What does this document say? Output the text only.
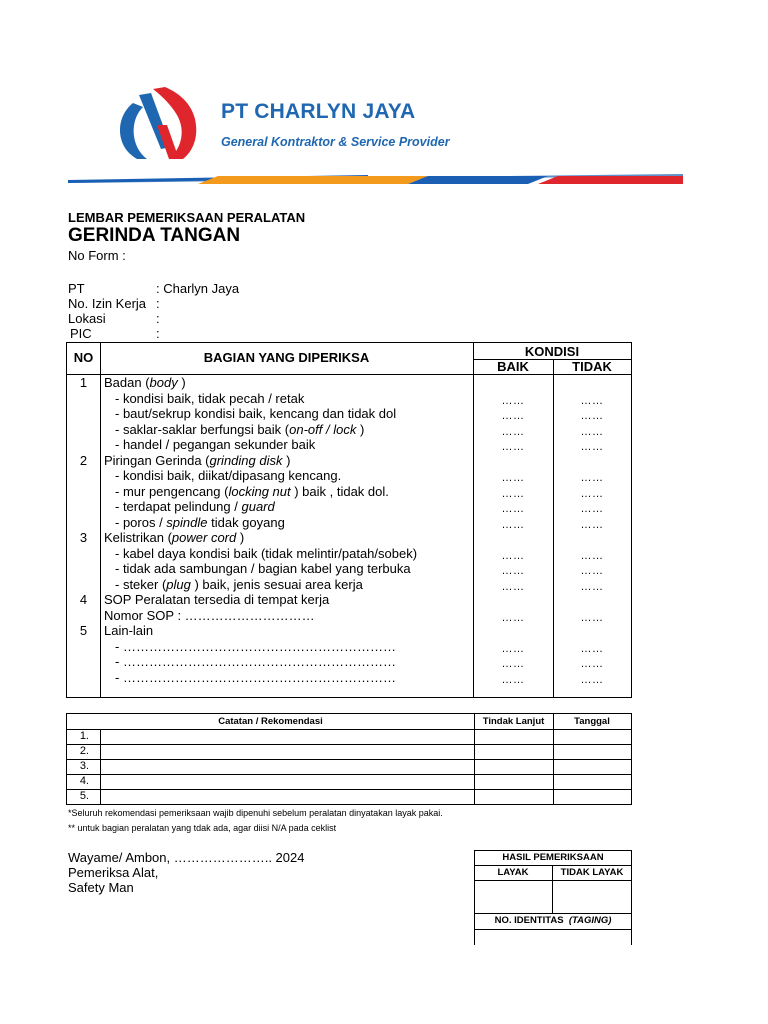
PT CHARLYN JAYA
General Kontraktor & Service Provider
LEMBAR PEMERIKSAAN PERALATAN
GERINDA TANGAN
No Form :
PT	: Charlyn Jaya
No. Izin Kerja :
Lokasi	:
PIC	:
NO	BAGIAN YANG DIPERIKSA	KONDISI
BAIK	TIDAK
1	Badan (body )
- kondisi baik, tidak pecah / retak	……	……
- baut/sekrup kondisi baik, kencang dan tidak dol	……	……
- saklar-saklar berfungsi baik (on-off / lock )	……	……
- handel / pegangan sekunder baik	……	……
2	Piringan Gerinda (grinding disk )
- kondisi baik, diikat/dipasang kencang.	……	……
- mur pengencang (locking nut ) baik , tidak dol.	……	……
- terdapat pelindung / guard	……	……
- poros / spindle tidak goyang	……	……
3	Kelistrikan (power cord )
- kabel daya kondisi baik (tidak melintir/patah/sobek)	……	……
- tidak ada sambungan / bagian kabel yang terbuka	……	……
- steker (plug ) baik, jenis sesuai area kerja	……	……
4	SOP Peralatan tersedia di tempat kerja
Nomor SOP : …………………………	……	……
5	Lain-lain
- ………………………………………………………	……	……
- ………………………………………………………	……	……
- ………………………………………………………	……	……
Catatan / Rekomendasi	Tindak Lanjut	Tanggal
1.
2.
3.
4.
5.
*Seluruh rekomendasi pemeriksaan wajib dipenuhi sebelum peralatan dinyatakan layak pakai.
** untuk bagian peralatan yang tdak ada, agar diisi N/A pada ceklist
Wayame/ Ambon, ………………….. 2024
Pemeriksa Alat,
Safety Man
HASIL PEMERIKSAAN
LAYAK	TIDAK LAYAK
NO. IDENTITAS (TAGING)
